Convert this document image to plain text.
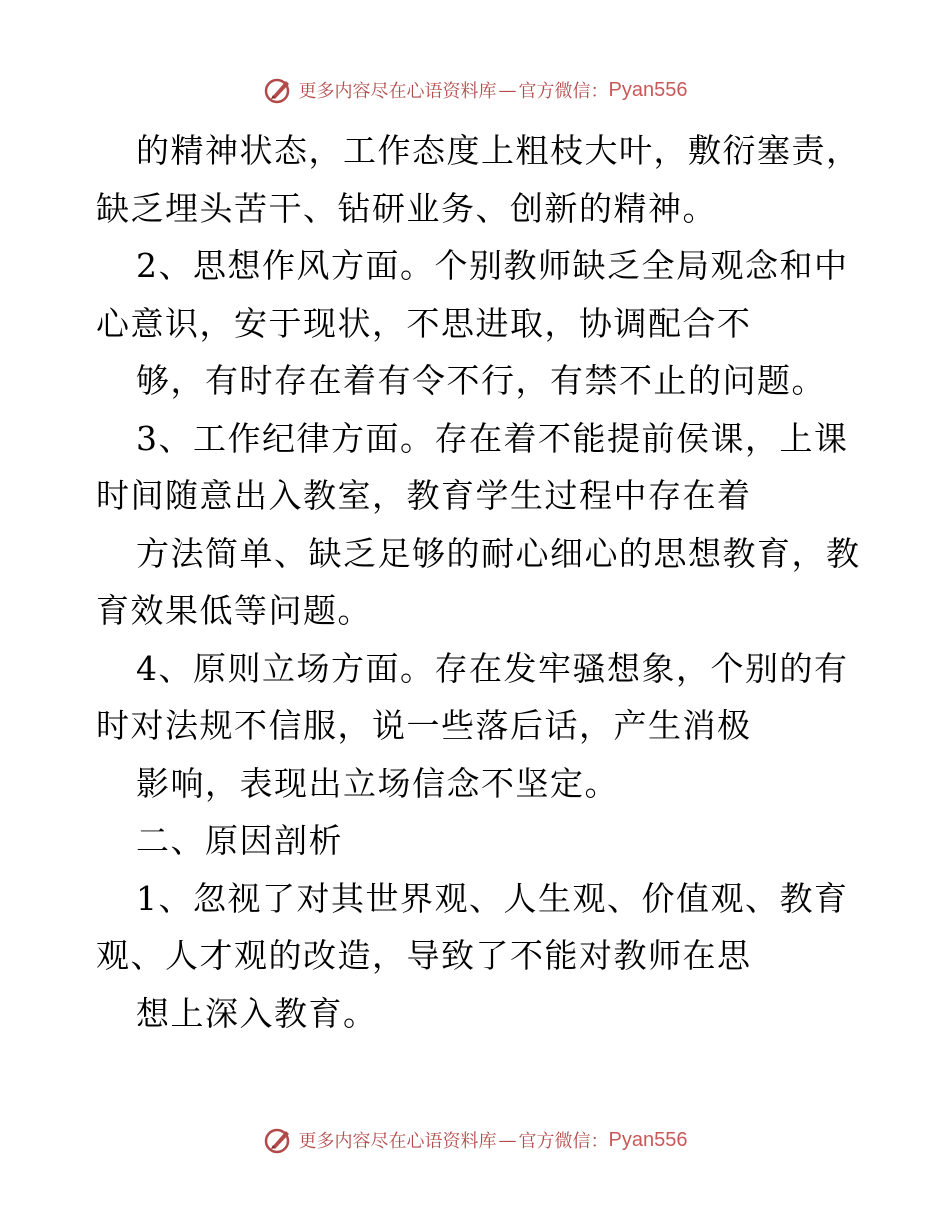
更多内容尽在心语资料库 — 官方微信： Pyan556
的精神状态，工作态度上粗枝大叶，敷衍塞责，
缺乏埋头苦干、钻研业务、创新的精神。
2、思想作风方面。个别教师缺乏全局观念和中
心意识，安于现状，不思进取，协调配合不
够，有时存在着有令不行，有禁不止的问题。
3、工作纪律方面。存在着不能提前侯课，上课
时间随意出入教室，教育学生过程中存在着
方法简单、缺乏足够的耐心细心的思想教育，教
育效果低等问题。
4、原则立场方面。存在发牢骚想象，个别的有
时对法规不信服，说一些落后话，产生消极
影响，表现出立场信念不坚定。
二、原因剖析
1、忽视了对其世界观、人生观、价值观、教育
观、人才观的改造，导致了不能对教师在思
想上深入教育。
更多内容尽在心语资料库 — 官方微信： Pyan556
